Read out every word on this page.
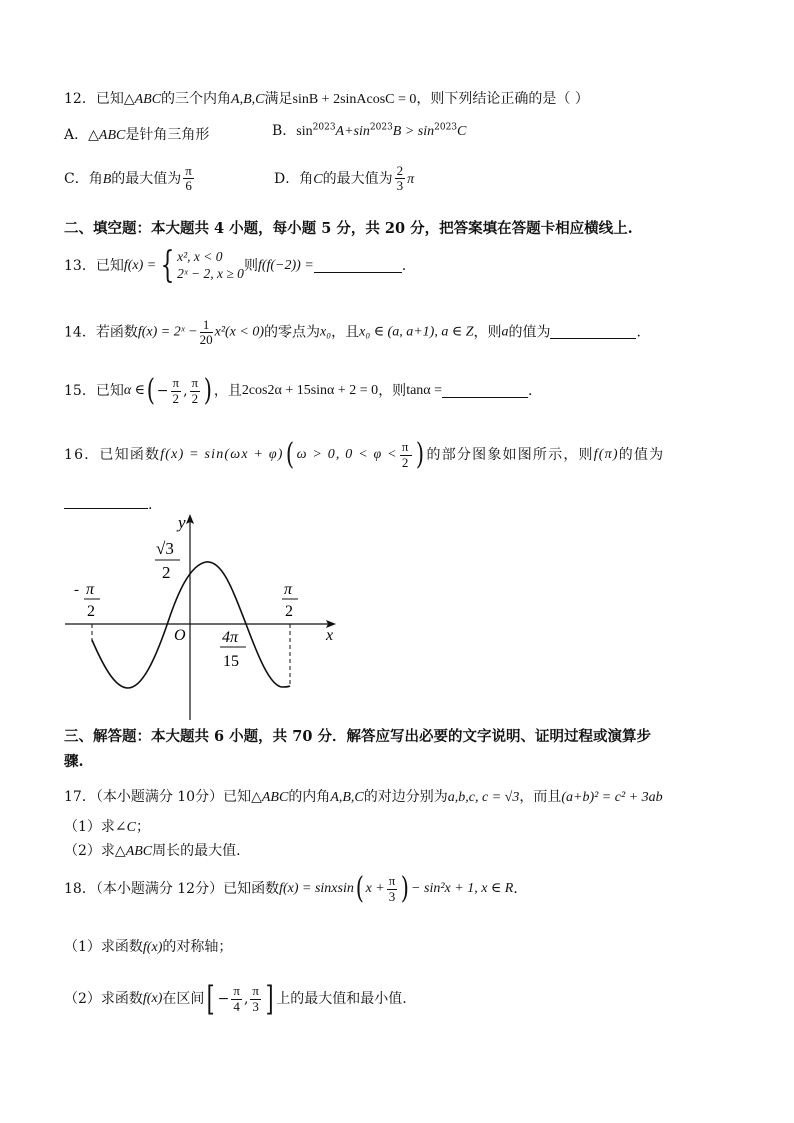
12．已知△ABC的三个内角A,B,C满足sinB + 2sinAcosC = 0，则下列结论正确的是（ ）
A．△ABC是针角三角形	B．$\sin^{2023}A+\sin^{2023}B > \sin^{2023}C$
C．角B的最大值为 $\frac{\pi}{6}$	D．角C的最大值为 $\frac{2}{3}$ π
二、填空题：本大题共 4 小题，每小题 5 分，共 20 分，把答案填在答题卡相应横线上.
13．已知f(x) = { x², x < 0
2ˣ − 2, x ≥ 0则f(f(−2)) =	.
14．若函数f(x) = 2ˣ − $\frac{1}{20} x^2(x < 0)$的零点为x₀，且x₀ ∈ (a, a+1), a ∈ Z，则a的值为	.
15．已知α ∈( − $\frac{\pi}{2}$ , $\frac{\pi}{2}$ ) ，且2cos2α + 15sinα + 2 = 0，则tanα =	.
16．已知函数f(x) = sin(ωx + φ)( ω > 0, $0 < \varphi < \frac{\pi}{2}$ ) 的部分图象如图所示，则f(π)的值为
.
y
x
O
√3
2
- π
2
π
2
4π
15
三、解答题：本大题共 6 小题，共 70 分．解答应写出必要的文字说明、证明过程或演算步
骤.
17．（本小题满分 10分）已知△ABC的内角A,B,C的对边分别为a,b,c, c = √3，而且(a+b)² = c² + 3ab
（1）求∠C；
（2）求△ABC周长的最大值.
18．（本小题满分 12分）已知函数f(x) = sinxsin( $x + \frac{\pi}{3}$ ) − sin²x + 1, x ∈ R．
（1）求函数f(x)的对称轴；
（2）求函数f(x)在区间[ − $\frac{\pi}{4}$ , $\frac{\pi}{3}$ ] 上的最大值和最小值.
